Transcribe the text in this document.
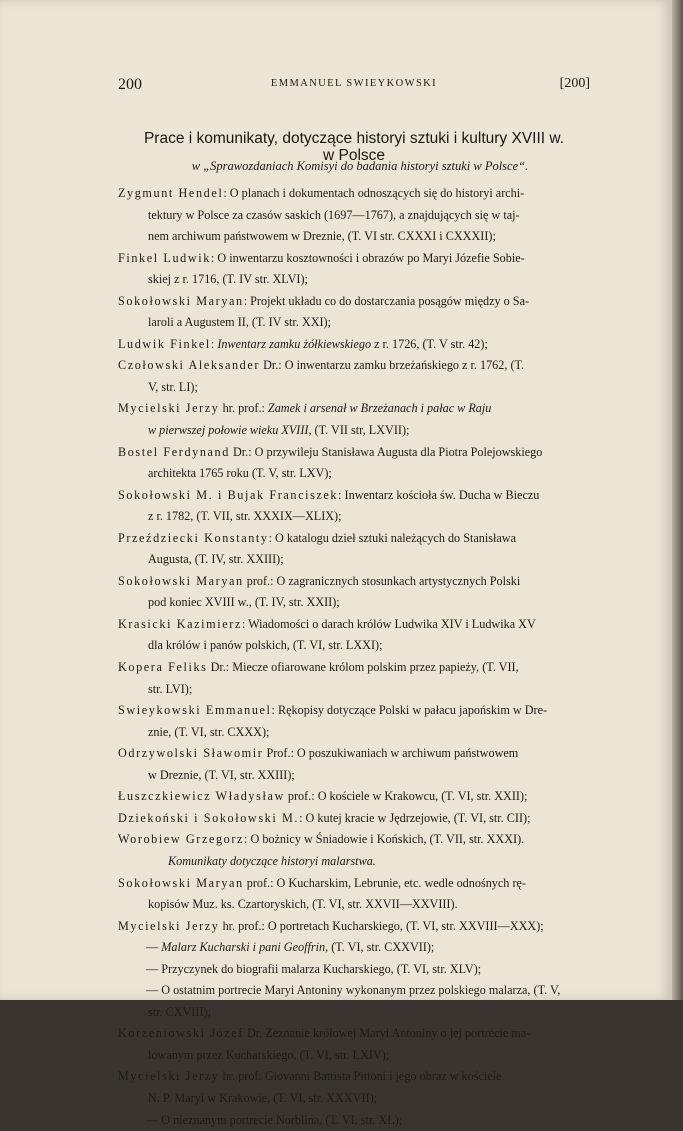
200	EMMANUEL SWIEYKOWSKI	[200]
Prace i komunikaty, dotyczące historyi sztuki i kultury XVIII w.
w Polsce
w „Sprawozdaniach Komisyi do badania historyi sztuki w Polsce“.
Zygmunt Hendel: O planach i dokumentach odnoszących się do historyi archi-
tektury w Polsce za czasów saskich (1697—1767), a znajdujących się w taj-
nem archiwum państwowem w Dreznie, (T. VI str. CXXXI i CXXXII);
Finkel Ludwik: O inwentarzu kosztowności i obrazów po Maryi Józefie Sobie-
skiej z r. 1716, (T. IV str. XLVI);
Sokołowski Maryan: Projekt układu co do dostarczania posągów między o Sa-
laroli a Augustem II, (T. IV str. XXI);
Ludwik Finkel: Inwentarz zamku żółkiewskiego z r. 1726, (T. V str. 42);
Czołowski Aleksander Dr.: O inwentarzu zamku brzeżańskiego z r. 1762, (T.
V, str. LI);
Mycielski Jerzy hr. prof.: Zamek i arsenał w Brzeżanach i pałac w Raju
w pierwszej połowie wieku XVIII, (T. VII str, LXVII);
Bostel Ferdynand Dr.: O przywileju Stanisława Augusta dla Piotra Polejowskiego
architekta 1765 roku (T. V, str. LXV);
Sokołowski M. i Bujak Franciszek: Inwentarz kościoła św. Ducha w Bieczu
z r. 1782, (T. VII, str. XXXIX—XLIX);
Przeździecki Konstanty: O katalogu dzieł sztuki należących do Stanisława
Augusta, (T. IV, str. XXIII);
Sokołowski Maryan prof.: O zagranicznych stosunkach artystycznych Polski
pod koniec XVIII w., (T. IV, str. XXII);
Krasicki Kazimierz: Wiadomości o darach królów Ludwika XIV i Ludwika XV
dla królów i panów polskich, (T. VI, str. LXXI);
Kopera Feliks Dr.: Miecze ofiarowane królom polskim przez papieży, (T. VII,
str. LVI);
Swieykowski Emmanuel: Rękopisy dotyczące Polski w pałacu japońskim w Dre-
znie, (T. VI, str. CXXX);
Odrzywolski Sławomir Prof.: O poszukiwaniach w archiwum państwowem
w Dreznie, (T. VI, str. XXIII);
Łuszczkiewicz Władysław prof.: O kościele w Krakowcu, (T. VI, str. XXII);
Dziekoński i Sokołowski M.: O kutej kracie w Jędrzejowie, (T. VI, str. CII);
Worobiew Grzegorz: O bożnicy w Śniadowie i Końskich, (T. VII, str. XXXI).
Komunikaty dotyczące historyi malarstwa.
Sokołowski Maryan prof.: O Kucharskim, Lebrunie, etc. wedle odnośnych rę-
kopisów Muz. ks. Czartoryskich, (T. VI, str. XXVII—XXVIII).
Mycielski Jerzy hr. prof.: O portretach Kucharskiego, (T. VI, str. XXVIII—XXX);
— Malarz Kucharski i pani Geoffrin, (T. VI, str. CXXVII);
— Przyczynek do biografii malarza Kucharskiego, (T. VI, str. XLV);
— O ostatnim portrecie Maryi Antoniny wykonanym przez polskiego malarza, (T. V,
str. CXVIII);
Korzeniowski Józef Dr. Zeznanie królowej Maryi Antoniny o jej portrecie ma-
lowanym przez Kucharskiego, (T. VI, str. LXIV);
Mycielski Jerzy hr. prof: Giovanni Battista Pittoni i jego obraz w kościele
N. P. Maryi w Krakowie, (T. VI, str. XXXVII);
— O nieznanym portrecie Norblina, (T. VI, str. XL);
